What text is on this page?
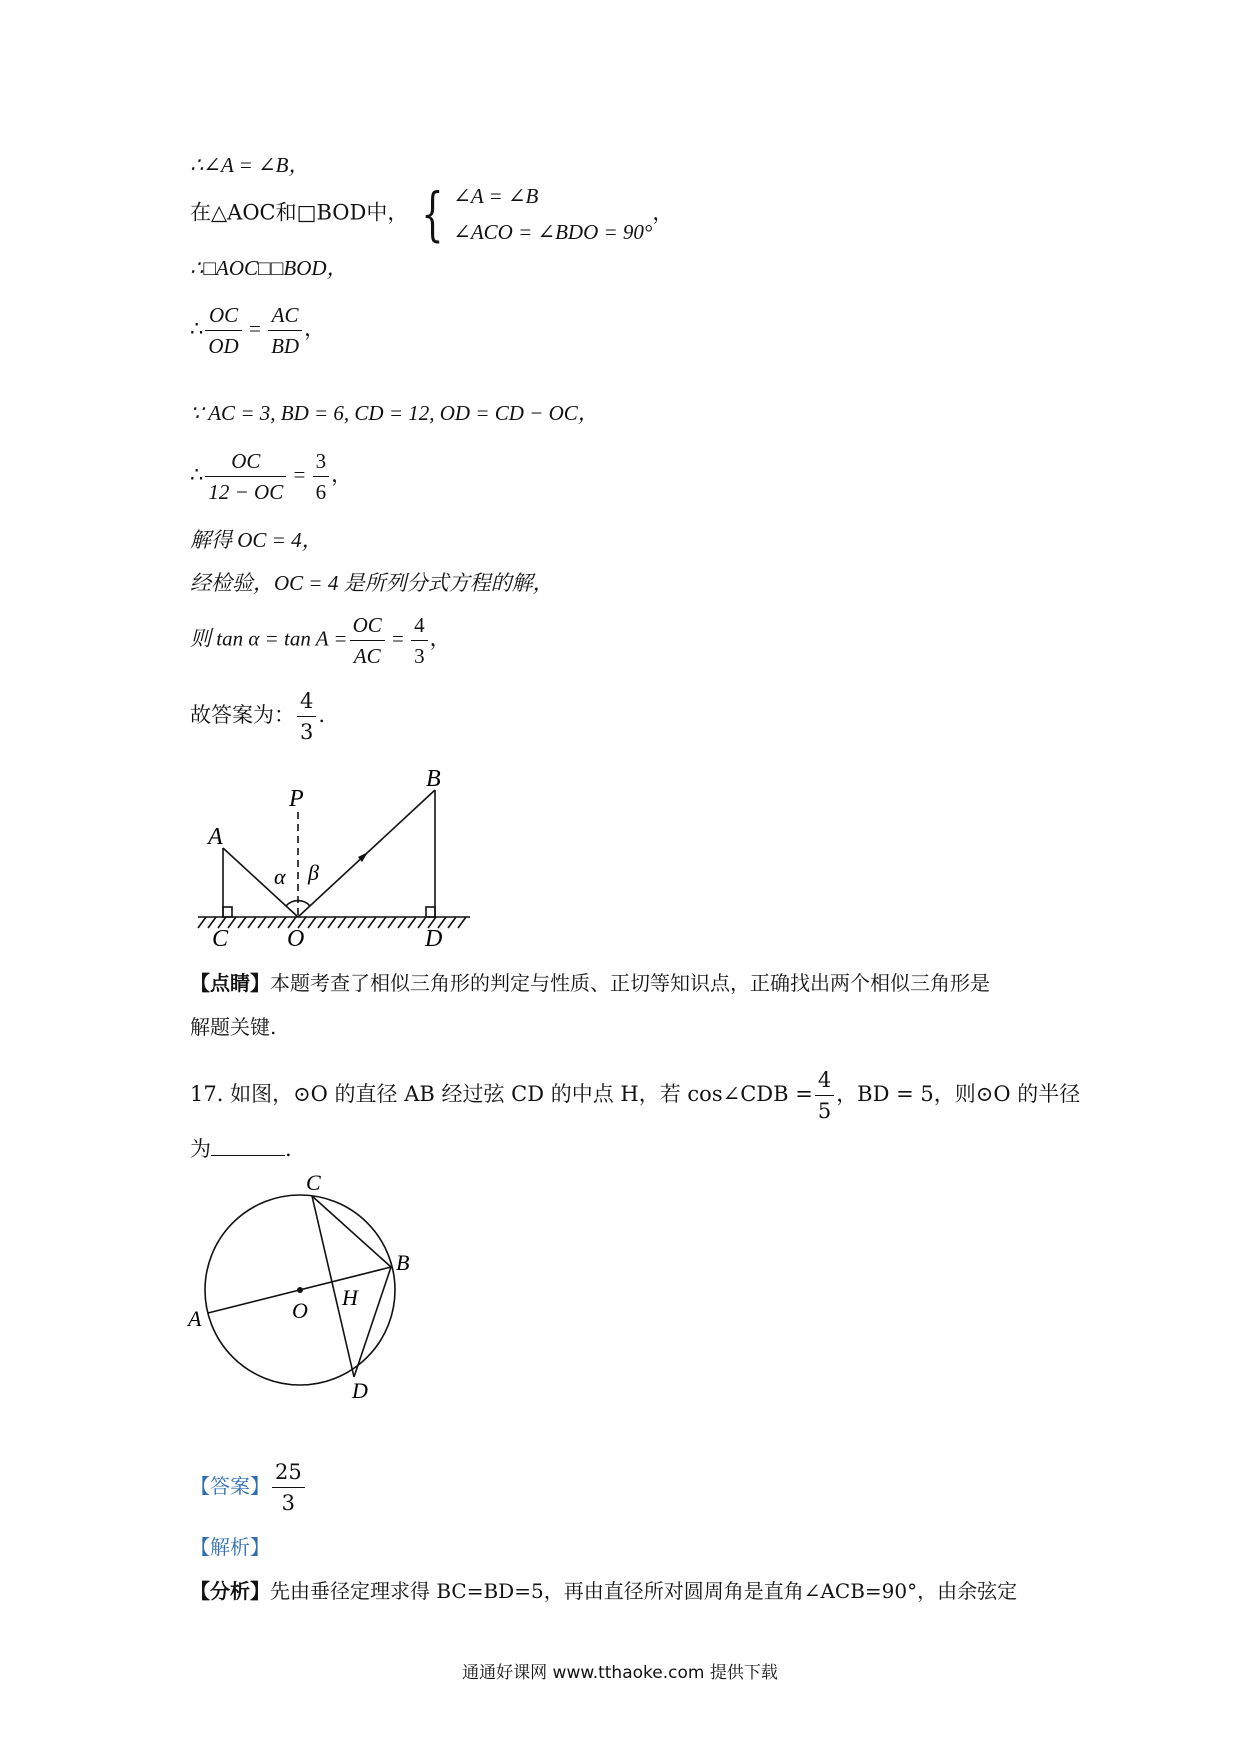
∴∠A = ∠B，
在△AOC和□BOD中， { ∠A = ∠B
∠ACO = ∠BDO = 90°
，
∴□AOC□□BOD，
∴ $\frac{OC}{OD} = \frac{AC}{BD}$ ，
∵ AC = 3, BD = 6, CD = 12, OD = CD − OC，
∴ $\frac{OC}{12 - OC} = \frac{3}{6}$ ，
解得 OC = 4，
经检验，OC = 4 是所列分式方程的解，
则 $\tan \alpha = \tan A = \frac{OC}{AC} = \frac{4}{3}$ ，
故答案为： $\frac{4}{3}$ .
A
B
C	D
O
P
α β
【点睛】本题考查了相似三角形的判定与性质、正切等知识点，正确找出两个相似三角形是
解题关键.
17. 如图，⊙O 的直径 AB 经过弦 CD 的中点 H，若 cos∠CDB = $\frac{4}{5}$ ，BD = 5，则⊙O 的半径
为	.
C
B
A
D
O
H
【答案】 $\frac{25}{3}$
【解析】
【分析】先由垂径定理求得 BC=BD=5，再由直径所对圆周角是直角∠ACB=90°，由余弦定
通通好课网 www.tthaoke.com 提供下载
